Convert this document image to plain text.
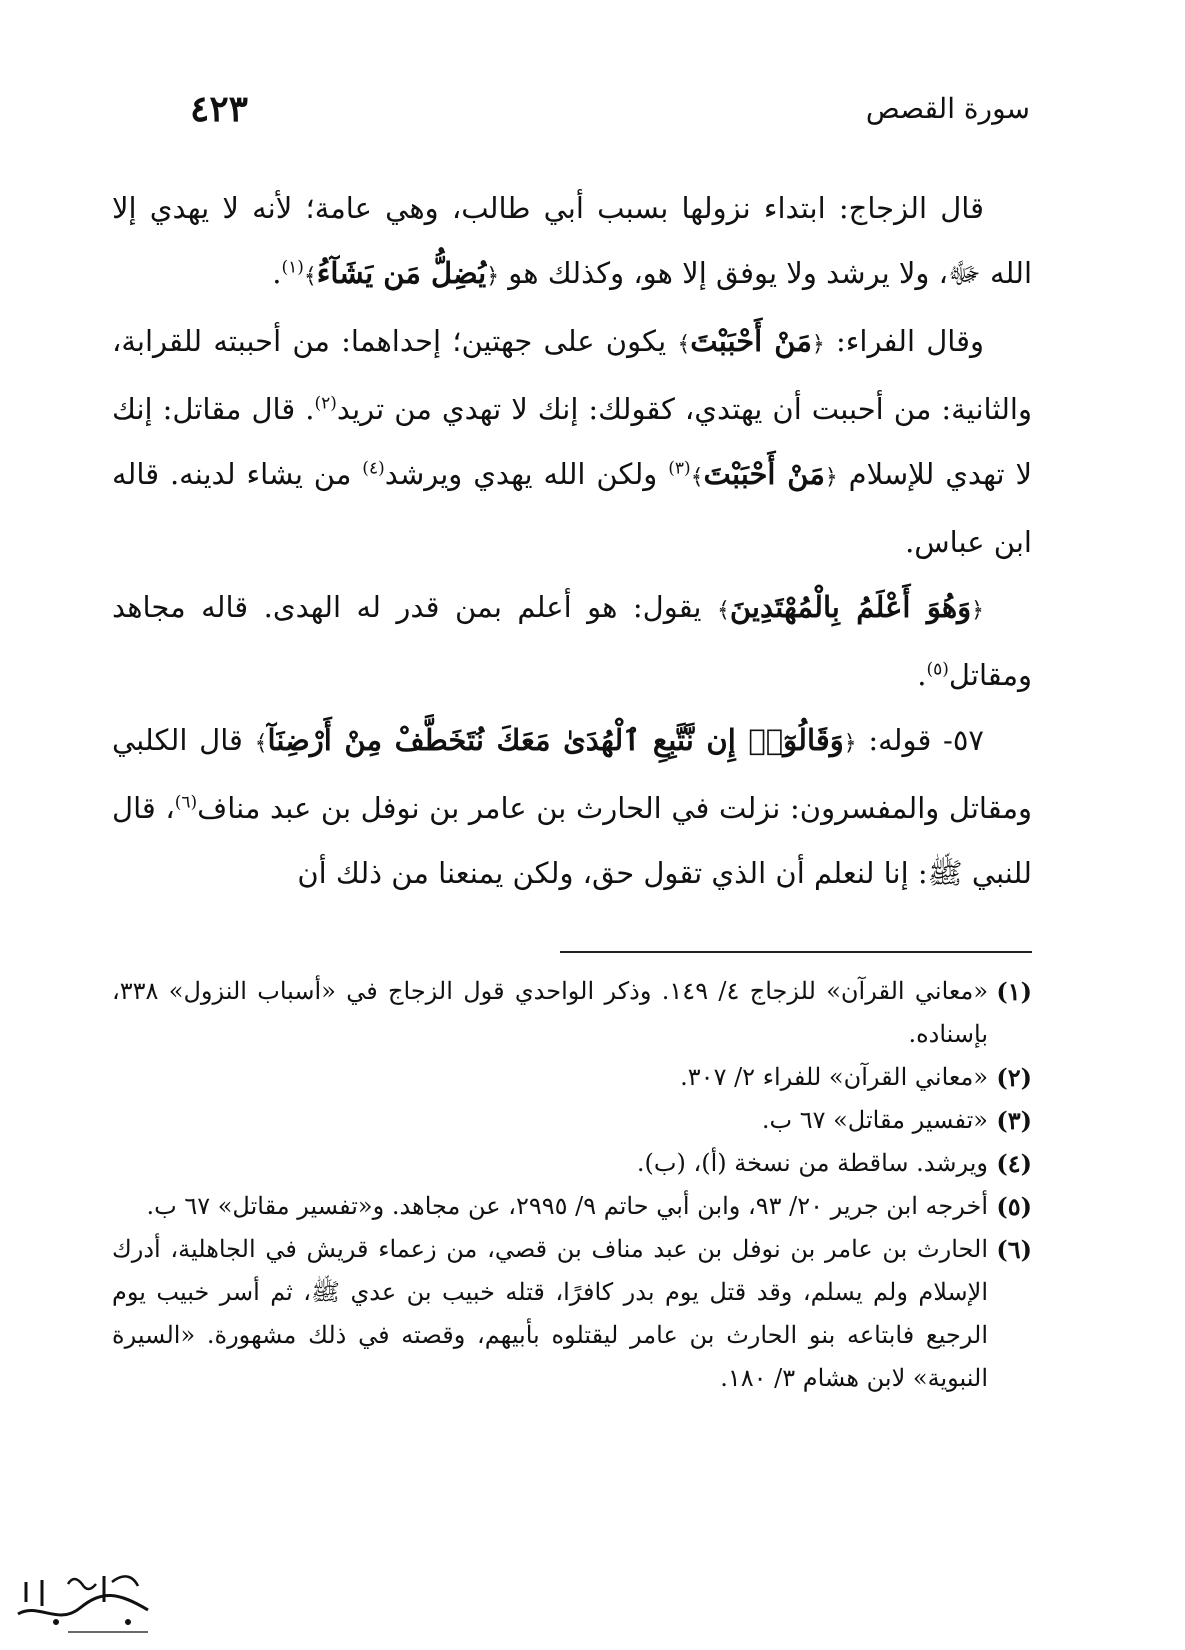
٤٢٣	سورة القصص

قال الزجاج: ابتداء نزولها بسبب أبي طالب، وهي عامة؛ لأنه لا يهدي إلا الله ﷻ، ولا يرشد ولا يوفق إلا هو، وكذلك هو ﴿يُضِلُّ مَن يَشَآءُ﴾$^{(١)}$.

وقال الفراء: ﴿مَنْ أَحْبَبْتَ﴾ يكون على جهتين؛ إحداهما: من أحببته للقرابة، والثانية: من أحببت أن يهتدي، كقولك: إنك لا تهدي من تريد$^{(٢)}$. قال مقاتل: إنك لا تهدي للإسلام ﴿مَنْ أَحْبَبْتَ﴾$^{(٣)}$ ولكن الله يهدي ويرشد$^{(٤)}$ من يشاء لدينه. قاله ابن عباس.

﴿وَهُوَ أَعْلَمُ بِالْمُهْتَدِينَ﴾ يقول: هو أعلم بمن قدر له الهدى. قاله مجاهد ومقاتل$^{(٥)}$.

٥٧- قوله: ﴿وَقَالُوٓا۟ إِن نَّتَّبِعِ ٱلْهُدَىٰ مَعَكَ نُتَخَطَّفْ مِنْ أَرْضِنَآ﴾ قال الكلبي ومقاتل والمفسرون: نزلت في الحارث بن عامر بن نوفل بن عبد مناف$^{(٦)}$، قال للنبي ﷺ: إنا لنعلم أن الذي تقول حق، ولكن يمنعنا من ذلك أن

(١)
«معاني القرآن» للزجاج ٤/ ١٤٩. وذكر الواحدي قول الزجاج في «أسباب النزول» ٣٣٨، بإسناده.
(٢)
«معاني القرآن» للفراء ٢/ ٣٠٧.
(٣)
«تفسير مقاتل» ٦٧ ب.
(٤)
ويرشد. ساقطة من نسخة (أ)، (ب).
(٥)
أخرجه ابن جرير ٢٠/ ٩٣، وابن أبي حاتم ٩/ ٢٩٩٥، عن مجاهد. و«تفسير مقاتل» ٦٧ ب.
(٦)
الحارث بن عامر بن نوفل بن عبد مناف بن قصي، من زعماء قريش في الجاهلية، أدرك الإسلام ولم يسلم، وقد قتل يوم بدر كافرًا، قتله خبيب بن عدي ﷺ، ثم أسر خبيب يوم الرجيع فابتاعه بنو الحارث بن عامر ليقتلوه بأبيهم، وقصته في ذلك مشهورة. «السيرة النبوية» لابن هشام ٣/ ١٨٠.
